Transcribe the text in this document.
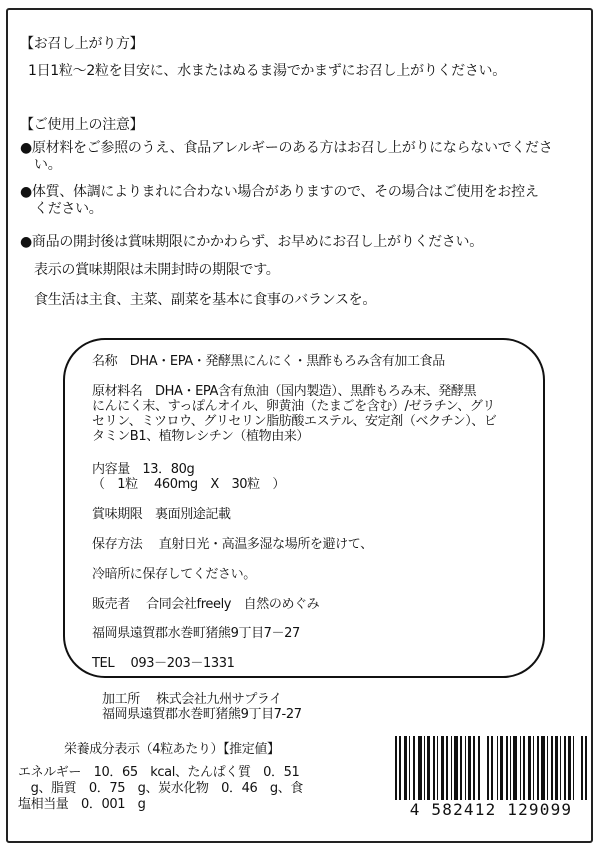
【お召し上がり方】
1日1粒～2粒を目安に、水またはぬるま湯でかまずにお召し上がりください。
【ご使用上の注意】
●原材料をご参照のうえ、食品アレルギーのある方はお召し上がりにならないでくださ
い。
●体質、体調によりまれに合わない場合がありますので、その場合はご使用をお控え
ください。
●商品の開封後は賞味期限にかかわらず、お早めにお召し上がりください。
表示の賞味期限は未開封時の期限です。
食生活は主食、主菜、副菜を基本に食事のバランスを。
名称　DHA・EPA・発酵黒にんにく・黒酢もろみ含有加工食品
原材料名　DHA・EPA含有魚油（国内製造）、黒酢もろみ末、発酵黒
にんにく末、すっぽんオイル、卵黄油（たまごを含む）/ゼラチン、グリ
セリン、ミツロウ、グリセリン脂肪酸エステル、安定剤（ベクチン）、ビ
タミンB1、植物レシチン（植物由来）
内容量　13．80g
（　1粒　 460mg　X　30粒　）
賞味期限　裏面別途記載
保存方法　 直射日光・高温多湿な場所を避けて、
冷暗所に保存してください。
販売者　 合同会社freely　自然のめぐみ
福岡県遠賀郡水巻町猪熊9丁目7－27
TEL　 093－203－1331
加工所　 株式会社九州サプライ
福岡県遠賀郡水巻町猪熊9丁目7-27
栄養成分表示（4粒あたり）【推定値】
エネルギー　10．65　kcal、たんぱく質　0．51
　g、脂質　0．75　g、炭水化物　0．46　g、食
塩相当量　0．001　g	4 582412 129099
